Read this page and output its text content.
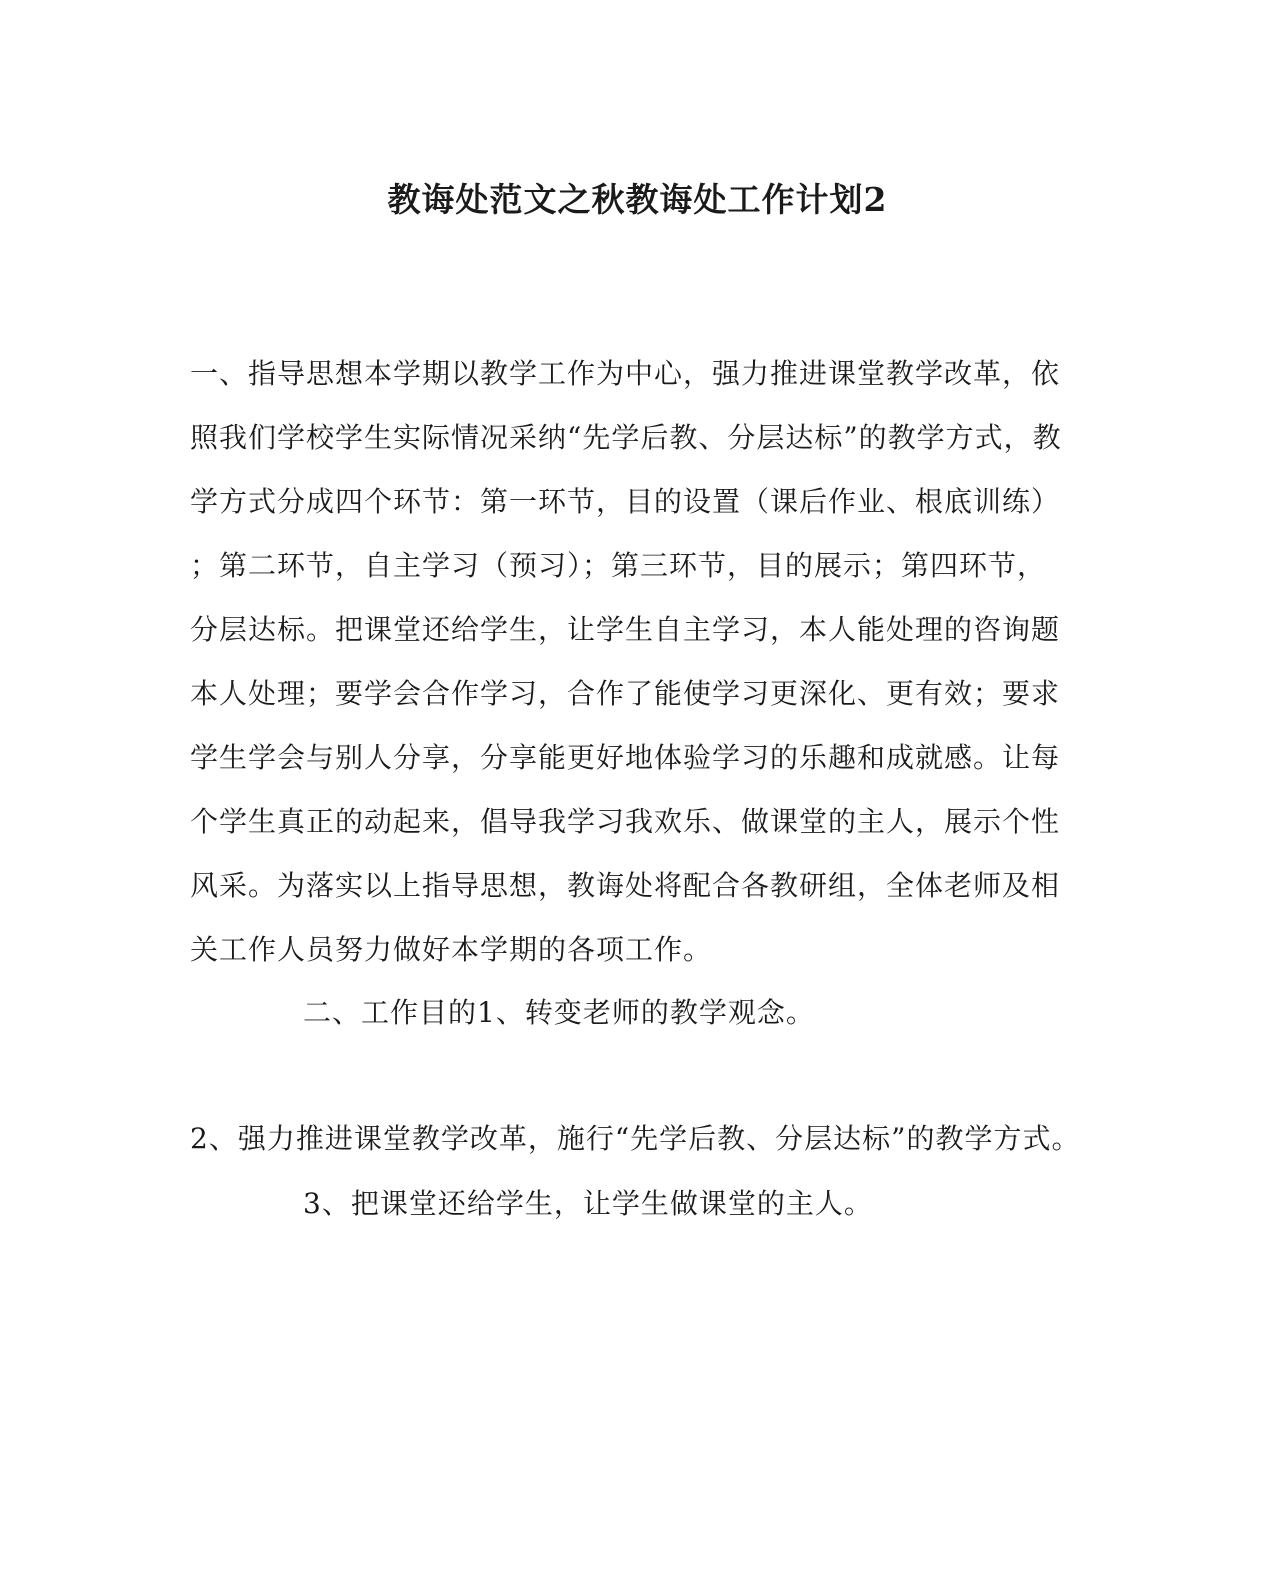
教诲处范文之秋教诲处工作计划2
一、指导思想本学期以教学工作为中心，强力推进课堂教学改革，依
照我们学校学生实际情况采纳“先学后教、分层达标”的教学方式，教
学方式分成四个环节：第一环节，目的设置（课后作业、根底训练）
；第二环节，自主学习（预习）；第三环节，目的展示；第四环节，
分层达标。把课堂还给学生，让学生自主学习，本人能处理的咨询题
本人处理；要学会合作学习，合作了能使学习更深化、更有效；要求
学生学会与别人分享，分享能更好地体验学习的乐趣和成就感。让每
个学生真正的动起来，倡导我学习我欢乐、做课堂的主人，展示个性
风采。为落实以上指导思想，教诲处将配合各教研组，全体老师及相
关工作人员努力做好本学期的各项工作。
二、工作目的1、转变老师的教学观念。
2、强力推进课堂教学改革，施行“先学后教、分层达标”的教学方式。
3、把课堂还给学生，让学生做课堂的主人。
